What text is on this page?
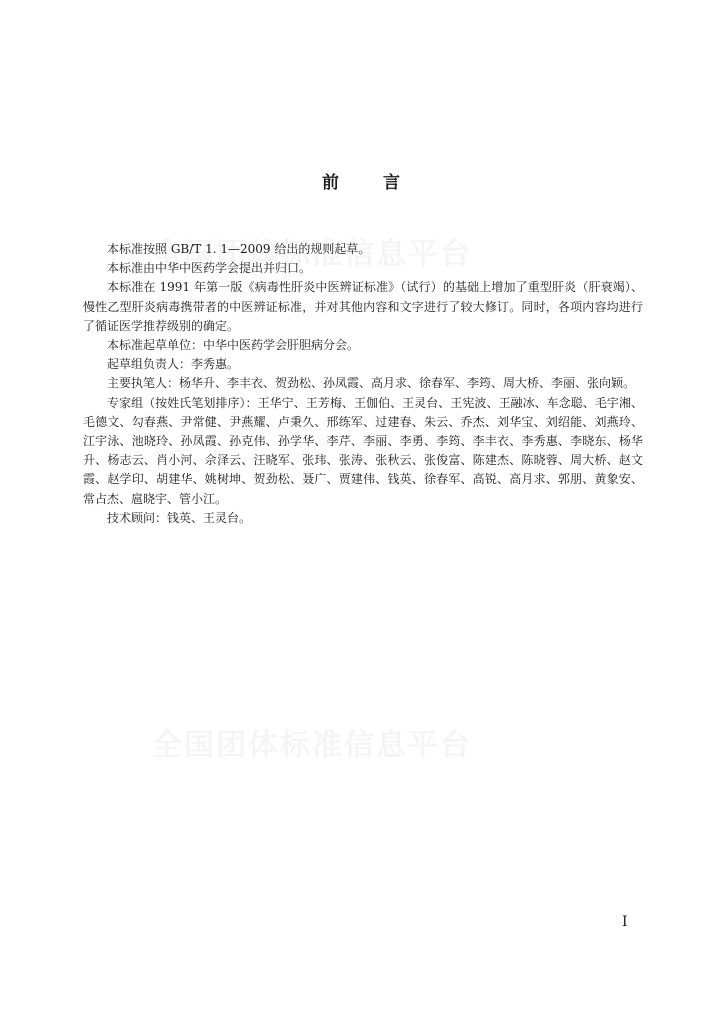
前 言

本标准按照 GB/T 1. 1—2009 给出的规则起草。

本标准由中华中医药学会提出并归口。

本标准在 1991 年第一版《病毒性肝炎中医辨证标准》（试行）的基础上增加了重型肝炎（肝衰竭）、慢性乙型肝炎病毒携带者的中医辨证标准，并对其他内容和文字进行了较大修订。同时，各项内容均进行了循证医学推荐级别的确定。

本标准起草单位：中华中医药学会肝胆病分会。

起草组负责人：李秀惠。

主要执笔人：杨华升、李丰衣、贺劲松、孙凤霞、高月求、徐春军、李筠、周大桥、李丽、张向颖。

专家组（按姓氏笔划排序）：王华宁、王芳梅、王伽伯、王灵台、王宪波、王融冰、车念聪、毛宇湘、毛德文、勾春燕、尹常健、尹燕耀、卢秉久、邢练军、过建春、朱云、乔杰、刘华宝、刘绍能、刘燕玲、江宇泳、池晓玲、孙凤霞、孙克伟、孙学华、李芹、李丽、李勇、李筠、李丰衣、李秀惠、李晓东、杨华升、杨志云、肖小河、佘泽云、汪晓军、张玮、张涛、张秋云、张俊富、陈建杰、陈晓蓉、周大桥、赵文霞、赵学印、胡建华、姚树坤、贺劲松、聂广、贾建伟、钱英、徐春军、高锐、高月求、郭朋、黄象安、常占杰、扈晓宇、管小江。

技术顾问：钱英、王灵台。

I
